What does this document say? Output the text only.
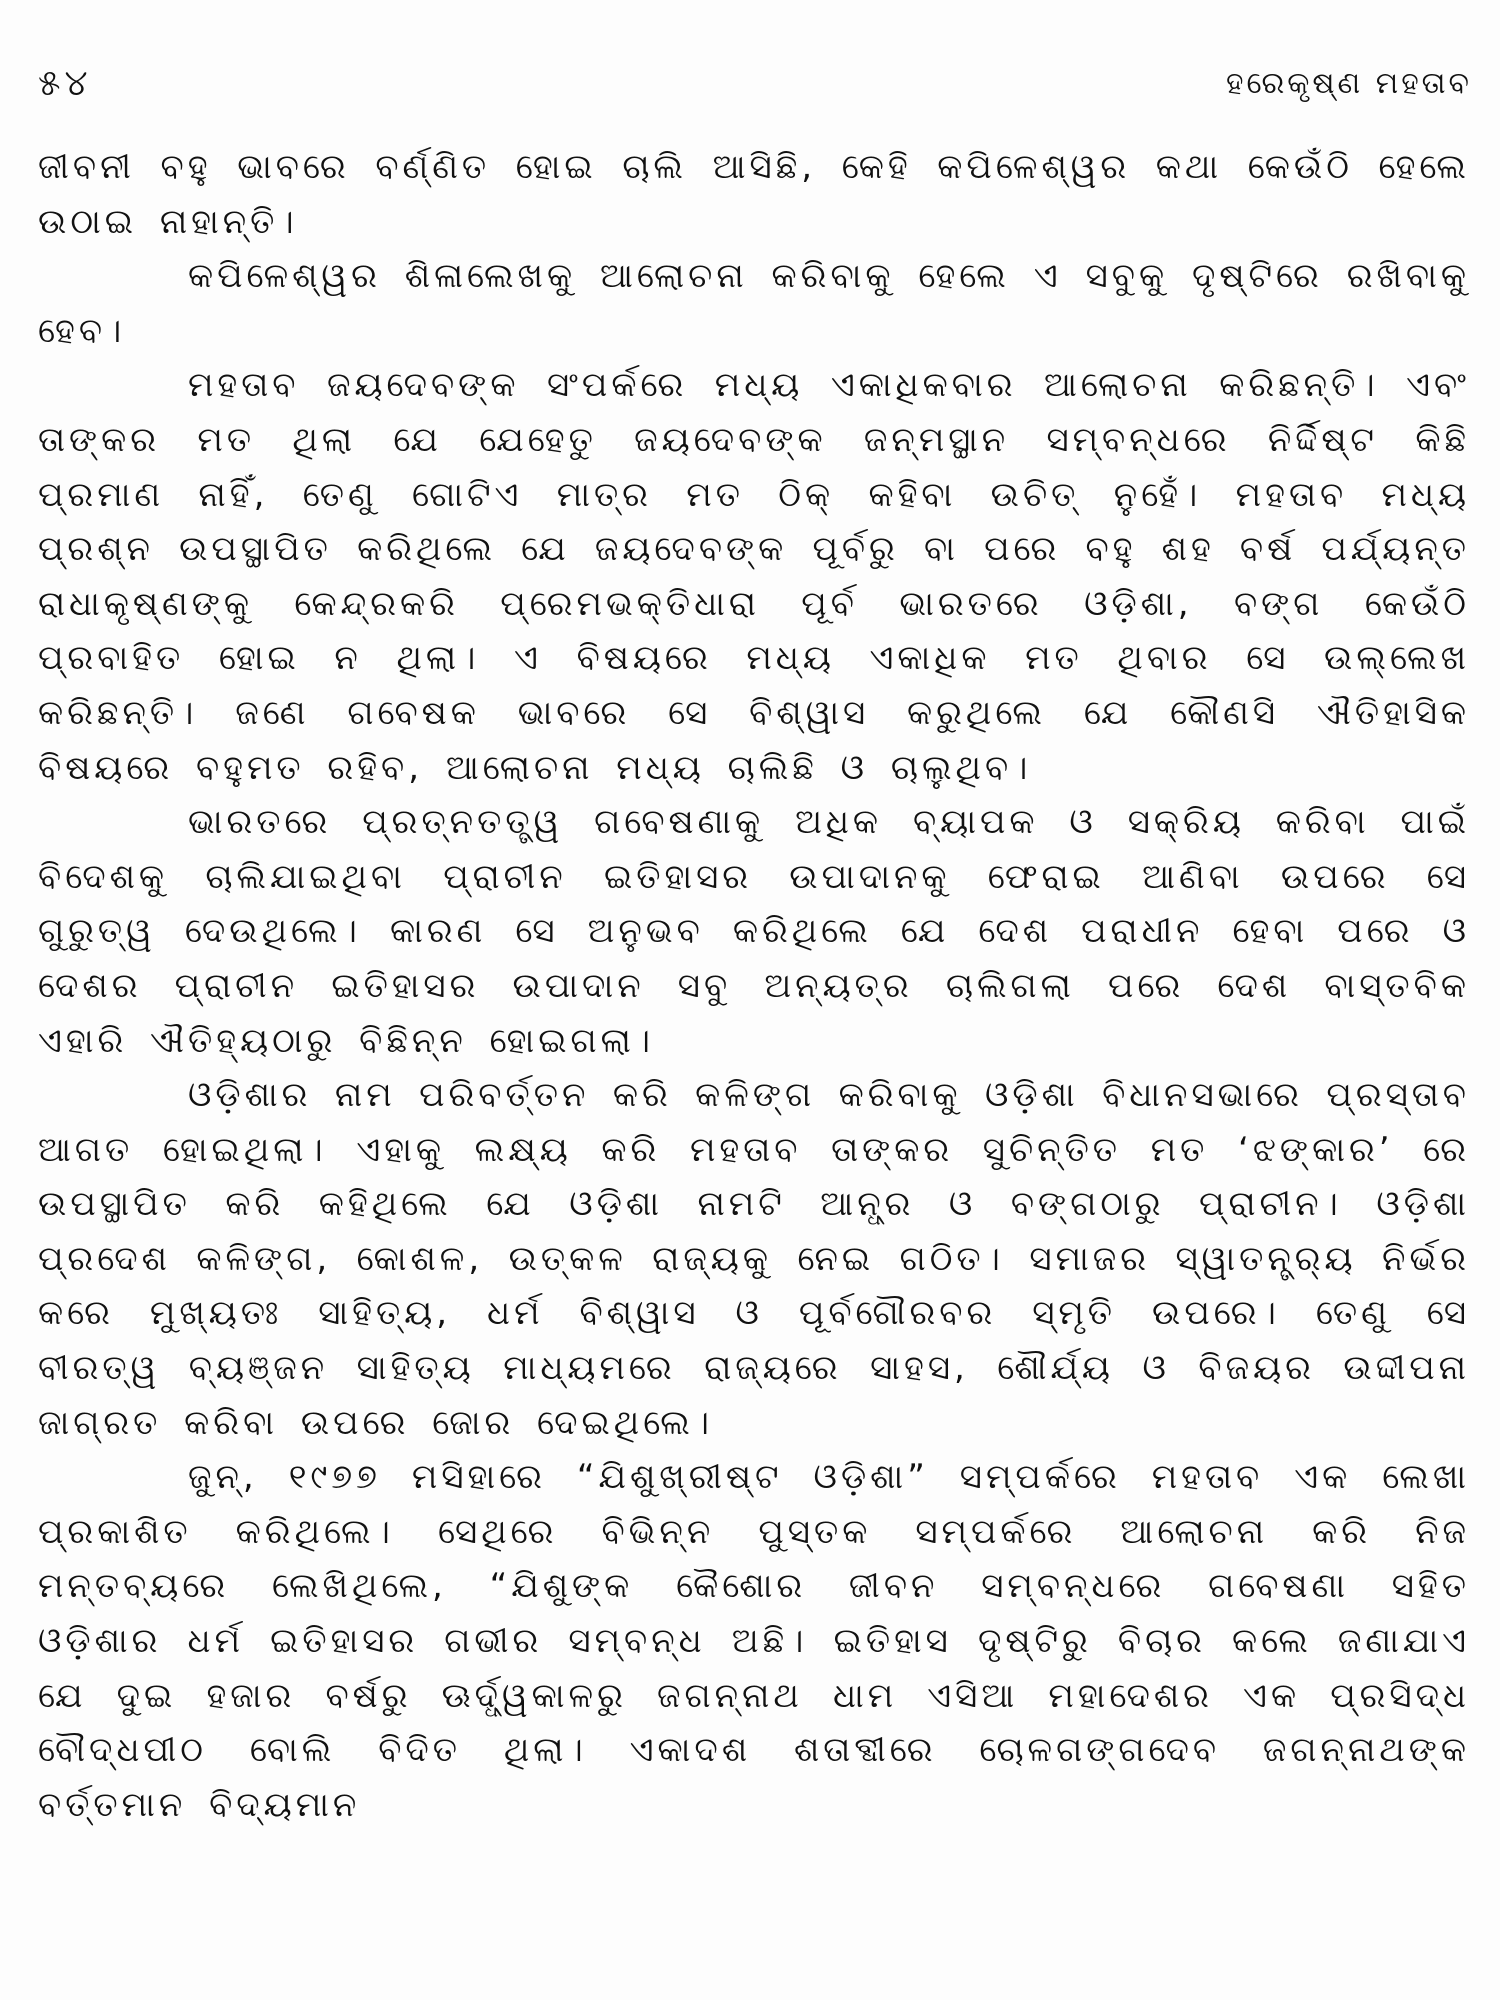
୫୪	ହରେକୃଷ୍ଣ ମହତାବ

ଜୀବନୀ ବହୁ ଭାବରେ ବର୍ଣ୍ଣିତ ହୋଇ ଚାଲି ଆସିଛି, କେହି କପିଳେଶ୍ୱର କଥା କେଉଁଠି ହେଲେ ଉଠାଇ ନାହାନ୍ତି।

କପିଳେଶ୍ୱର ଶିଳାଲେଖକୁ ଆଲୋଚନା କରିବାକୁ ହେଲେ ଏ ସବୁକୁ ଦୃଷ୍ଟିରେ ରଖିବାକୁ ହେବ।

ମହତାବ ଜୟଦେବଙ୍କ ସଂପର୍କରେ ମଧ୍ୟ ଏକାଧିକବାର ଆଲୋଚନା କରିଛନ୍ତି। ଏବଂ ତାଙ୍କର ମତ ଥିଲା ଯେ ଯେହେତୁ ଜୟଦେବଙ୍କ ଜନ୍ମସ୍ଥାନ ସମ୍ବନ୍ଧରେ ନିର୍ଦ୍ଦିଷ୍ଟ କିଛି ପ୍ରମାଣ ନାହିଁ, ତେଣୁ ଗୋଟିଏ ମାତ୍ର ମତ ଠିକ୍ କହିବା ଉଚିତ୍ ନୁହେଁ। ମହତାବ ମଧ୍ୟ ପ୍ରଶ୍ନ ଉପସ୍ଥାପିତ କରିଥିଲେ ଯେ ଜୟଦେବଙ୍କ ପୂର୍ବରୁ ବା ପରେ ବହୁ ଶହ ବର୍ଷ ପର୍ଯ୍ୟନ୍ତ ରାଧାକୃଷ୍ଣଙ୍କୁ କେନ୍ଦ୍ରକରି ପ୍ରେମଭକ୍ତିଧାରା ପୂର୍ବ ଭାରତରେ ଓଡ଼ିଶା, ବଙ୍ଗ କେଉଁଠି ପ୍ରବାହିତ ହୋଇ ନ ଥିଲା। ଏ ବିଷୟରେ ମଧ୍ୟ ଏକାଧିକ ମତ ଥିବାର ସେ ଉଲ୍ଲେଖ କରିଛନ୍ତି। ଜଣେ ଗବେଷକ ଭାବରେ ସେ ବିଶ୍ୱାସ କରୁଥିଲେ ଯେ କୌଣସି ଐତିହାସିକ ବିଷୟରେ ବହୁମତ ରହିବ, ଆଲୋଚନା ମଧ୍ୟ ଚାଲିଛି ଓ ଚାଲୁଥିବ।

ଭାରତରେ ପ୍ରତ୍ନତତ୍ତ୍ୱ ଗବେଷଣାକୁ ଅଧିକ ବ୍ୟାପକ ଓ ସକ୍ରିୟ କରିବା ପାଇଁ ବିଦେଶକୁ ଚାଲିଯାଇଥିବା ପ୍ରାଚୀନ ଇତିହାସର ଉପାଦାନକୁ ଫେରାଇ ଆଣିବା ଉପରେ ସେ ଗୁରୁତ୍ୱ ଦେଉଥିଲେ। କାରଣ ସେ ଅନୁଭବ କରିଥିଲେ ଯେ ଦେଶ ପରାଧୀନ ହେବା ପରେ ଓ ଦେଶର ପ୍ରାଚୀନ ଇତିହାସର ଉପାଦାନ ସବୁ ଅନ୍ୟତ୍ର ଚାଲିଗଲା ପରେ ଦେଶ ବାସ୍ତବିକ ଏହାରି ଐତିହ୍ୟଠାରୁ ବିଛିନ୍ନ ହୋଇଗଲା।

ଓଡ଼ିଶାର ନାମ ପରିବର୍ତ୍ତନ କରି କଳିଙ୍ଗ କରିବାକୁ ଓଡ଼ିଶା ବିଧାନସଭାରେ ପ୍ରସ୍ତାବ ଆଗତ ହୋଇଥିଲା। ଏହାକୁ ଲକ୍ଷ୍ୟ କରି ମହତାବ ତାଙ୍କର ସୁଚିନ୍ତିତ ମତ ‘ଝଙ୍କାର’ ରେ ଉପସ୍ଥାପିତ କରି କହିଥିଲେ ଯେ ଓଡ଼ିଶା ନାମଟି ଆନ୍ଧ୍ର ଓ ବଙ୍ଗଠାରୁ ପ୍ରାଚୀନ। ଓଡ଼ିଶା ପ୍ରଦେଶ କଳିଙ୍ଗ, କୋଶଳ, ଉତ୍କଳ ରାଜ୍ୟକୁ ନେଇ ଗଠିତ। ସମାଜର ସ୍ୱାତନ୍ତ୍ର୍ୟ ନିର୍ଭର କରେ ମୁଖ୍ୟତଃ ସାହିତ୍ୟ, ଧର୍ମ ବିଶ୍ୱାସ ଓ ପୂର୍ବଗୌରବର ସ୍ମୃତି ଉପରେ। ତେଣୁ ସେ ବୀରତ୍ୱ ବ୍ୟଞ୍ଜନ ସାହିତ୍ୟ ମାଧ୍ୟମରେ ରାଜ୍ୟରେ ସାହସ, ଶୌର୍ଯ୍ୟ ଓ ବିଜୟର ଉଦ୍ଦୀପନା ଜାଗ୍ରତ କରିବା ଉପରେ ଜୋର ଦେଇଥିଲେ।

ଜୁନ୍, ୧୯୭୭ ମସିହାରେ “ଯିଶୁଖ୍ରୀଷ୍ଟ ଓଡ଼ିଶା” ସମ୍ପର୍କରେ ମହତାବ ଏକ ଲେଖା ପ୍ରକାଶିତ କରିଥିଲେ। ସେଥିରେ ବିଭିନ୍ନ ପୁସ୍ତକ ସମ୍ପର୍କରେ ଆଲୋଚନା କରି ନିଜ ମନ୍ତବ୍ୟରେ ଲେଖିଥିଲେ, “ଯିଶୁଙ୍କ କୈଶୋର ଜୀବନ ସମ୍ବନ୍ଧରେ ଗବେଷଣା ସହିତ ଓଡ଼ିଶାର ଧର୍ମ ଇତିହାସର ଗଭୀର ସମ୍ବନ୍ଧ ଅଛି। ଇତିହାସ ଦୃଷ୍ଟିରୁ ବିଚାର କଲେ ଜଣାଯାଏ ଯେ ଦୁଇ ହଜାର ବର୍ଷରୁ ଊର୍ଦ୍ଧ୍ୱକାଳରୁ ଜଗନ୍ନାଥ ଧାମ ଏସିଆ ମହାଦେଶର ଏକ ପ୍ରସିଦ୍ଧ ବୌଦ୍ଧପୀଠ ବୋଲି ବିଦିତ ଥିଲା। ଏକାଦଶ ଶତାବ୍ଦୀରେ ଚୋଳଗଙ୍ଗଦେବ ଜଗନ୍ନାଥଙ୍କ ବର୍ତ୍ତମାନ ବିଦ୍ୟମାନ
